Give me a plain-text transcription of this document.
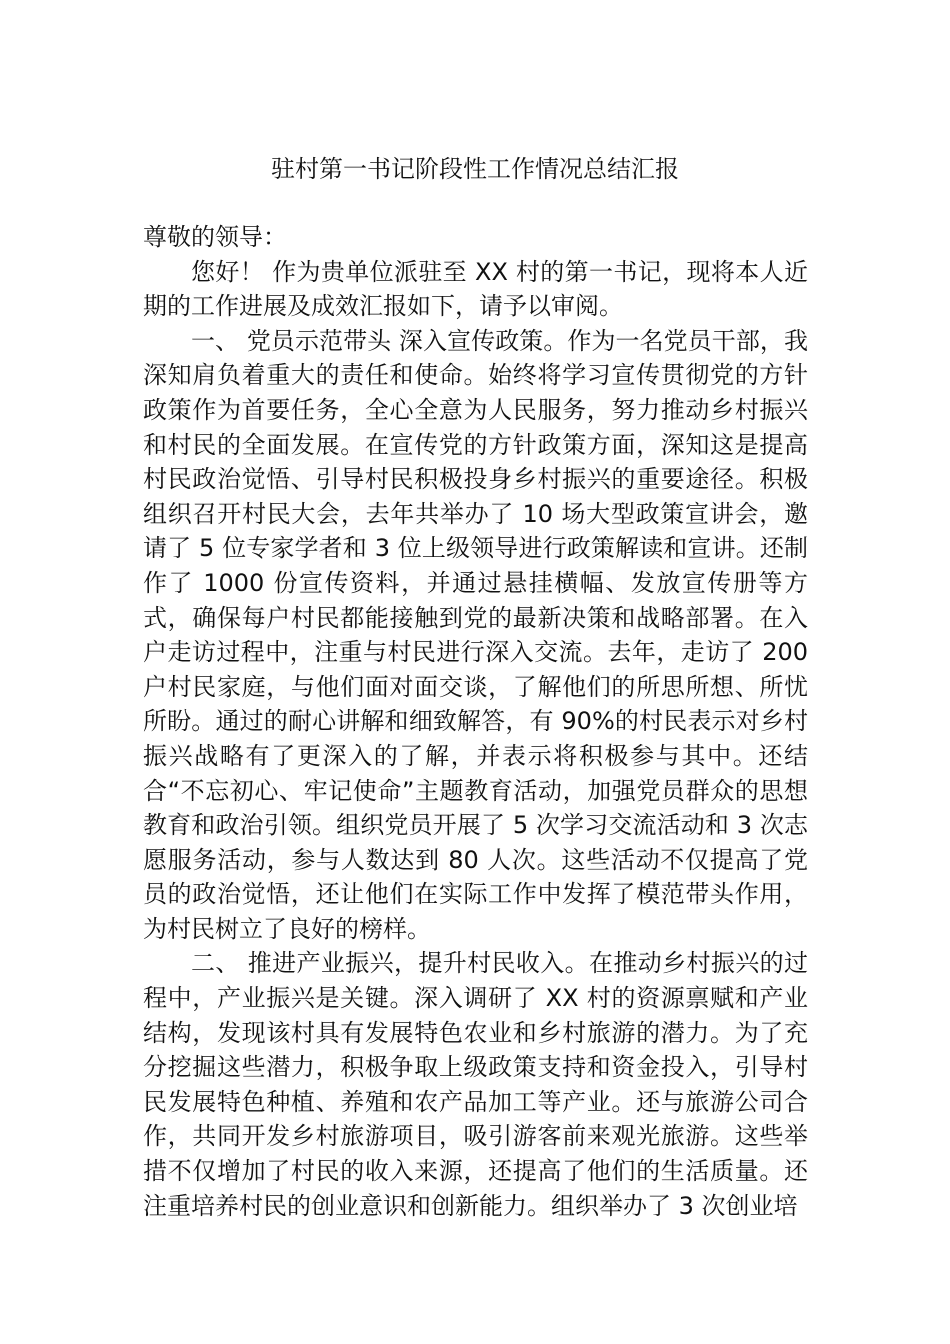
驻村第一书记阶段性工作情况总结汇报

尊敬的领导：

您好！ 作为贵单位派驻至 XX 村的第一书记，现将本人近期的工作进展及成效汇报如下，请予以审阅。

一、 党员示范带头 深入宣传政策。作为一名党员干部，我深知肩负着重大的责任和使命。始终将学习宣传贯彻党的方针政策作为首要任务，全心全意为人民服务，努力推动乡村振兴和村民的全面发展。在宣传党的方针政策方面，深知这是提高村民政治觉悟、引导村民积极投身乡村振兴的重要途径。积极组织召开村民大会，去年共举办了 10 场大型政策宣讲会，邀请了 5 位专家学者和 3 位上级领导进行政策解读和宣讲。还制作了 1000 份宣传资料，并通过悬挂横幅、发放宣传册等方式，确保每户村民都能接触到党的最新决策和战略部署。在入户走访过程中，注重与村民进行深入交流。去年，走访了 200 户村民家庭，与他们面对面交谈，了解他们的所思所想、所忧所盼。通过的耐心讲解和细致解答，有 90%的村民表示对乡村振兴战略有了更深入的了解，并表示将积极参与其中。还结合“不忘初心、牢记使命”主题教育活动，加强党员群众的思想教育和政治引领。组织党员开展了 5 次学习交流活动和 3 次志愿服务活动，参与人数达到 80 人次。这些活动不仅提高了党员的政治觉悟，还让他们在实际工作中发挥了模范带头作用，为村民树立了良好的榜样。

二、 推进产业振兴，提升村民收入。在推动乡村振兴的过程中，产业振兴是关键。深入调研了 XX 村的资源禀赋和产业结构，发现该村具有发展特色农业和乡村旅游的潜力。为了充分挖掘这些潜力，积极争取上级政策支持和资金投入，引导村民发展特色种植、养殖和农产品加工等产业。还与旅游公司合作，共同开发乡村旅游项目，吸引游客前来观光旅游。这些举措不仅增加了村民的收入来源，还提高了他们的生活质量。还注重培养村民的创业意识和创新能力。组织举办了 3 次创业培
